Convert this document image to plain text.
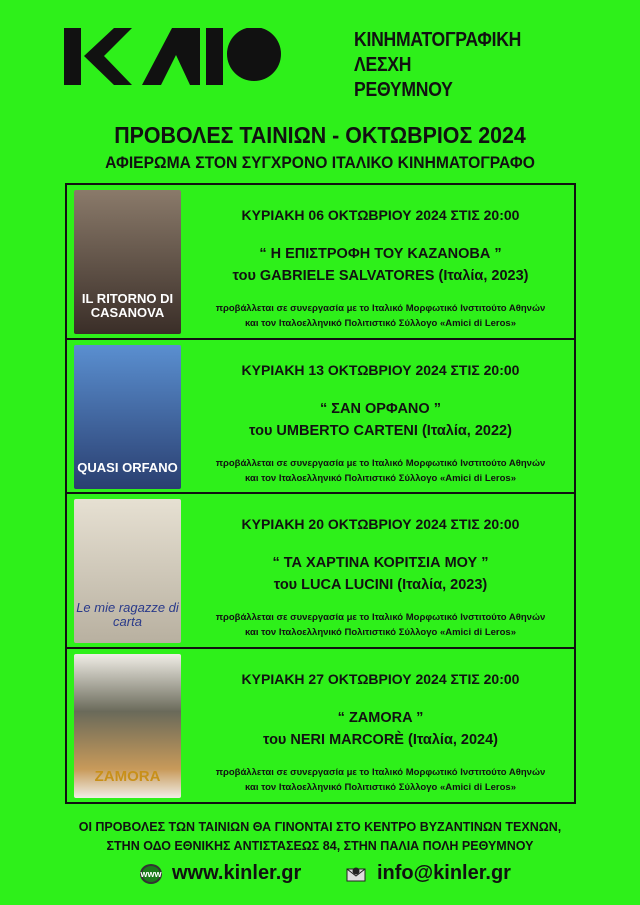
ΚΙΝΗΜΑΤΟΓΡΑΦΙΚΗ
ΛΕΣΧΗ
ΡΕΘΥΜΝΟΥ
ΠΡΟΒΟΛΕΣ ΤΑΙΝΙΩΝ - ΟΚΤΩΒΡΙΟΣ 2024
ΑΦΙΕΡΩΜΑ ΣΤΟΝ ΣΥΓΧΡΟΝΟ ΙΤΑΛΙΚΟ ΚΙΝΗΜΑΤΟΓΡΑΦΟ
IL RITORNO DI CASANOVA
ΚΥΡΙΑΚΗ 06 ΟΚΤΩΒΡΙΟΥ 2024 ΣΤΙΣ 20:00
“ Η ΕΠΙΣΤΡΟΦΗ ΤΟΥ ΚΑΖΑΝΟΒΑ ”
του GABRIELE SALVATORES (Ιταλία, 2023)
προβάλλεται σε συνεργασία με το Ιταλικό Μορφωτικό Ινστιτούτο Αθηνών
και τον Ιταλοελληνικό Πολιτιστικό Σύλλογο «Amici di Leros»
QUASI ORFANO
ΚΥΡΙΑΚΗ 13 ΟΚΤΩΒΡΙΟΥ 2024 ΣΤΙΣ 20:00
“ ΣΑΝ ΟΡΦΑΝΟ ”
του UMBERTO CARTENI (Ιταλία, 2022)
προβάλλεται σε συνεργασία με το Ιταλικό Μορφωτικό Ινστιτούτο Αθηνών
και τον Ιταλοελληνικό Πολιτιστικό Σύλλογο «Amici di Leros»
Le mie ragazze di carta
ΚΥΡΙΑΚΗ 20 ΟΚΤΩΒΡΙΟΥ 2024 ΣΤΙΣ 20:00
“ ΤΑ ΧΑΡΤΙΝΑ ΚΟΡΙΤΣΙΑ ΜΟΥ ”
του LUCA LUCINI (Ιταλία, 2023)
προβάλλεται σε συνεργασία με το Ιταλικό Μορφωτικό Ινστιτούτο Αθηνών
και τον Ιταλοελληνικό Πολιτιστικό Σύλλογο «Amici di Leros»
ZAMORA
ΚΥΡΙΑΚΗ 27 ΟΚΤΩΒΡΙΟΥ 2024 ΣΤΙΣ 20:00
“ ZAMORA ”
του NERI MARCORÈ (Ιταλία, 2024)
προβάλλεται σε συνεργασία με το Ιταλικό Μορφωτικό Ινστιτούτο Αθηνών
και τον Ιταλοελληνικό Πολιτιστικό Σύλλογο «Amici di Leros»
ΟΙ ΠΡΟΒΟΛΕΣ ΤΩΝ ΤΑΙΝΙΩΝ ΘΑ ΓΙΝΟΝΤΑΙ ΣΤΟ ΚΕΝΤΡΟ ΒΥΖΑΝΤΙΝΩΝ ΤΕΧΝΩΝ,
ΣΤΗΝ ΟΔΟ ΕΘΝΙΚΗΣ ΑΝΤΙΣΤΑΣΕΩΣ 84, ΣΤΗΝ ΠΑΛΙΑ ΠΟΛΗ ΡΕΘΥΜΝΟΥ
www www.kinler.gr	info@kinler.gr
